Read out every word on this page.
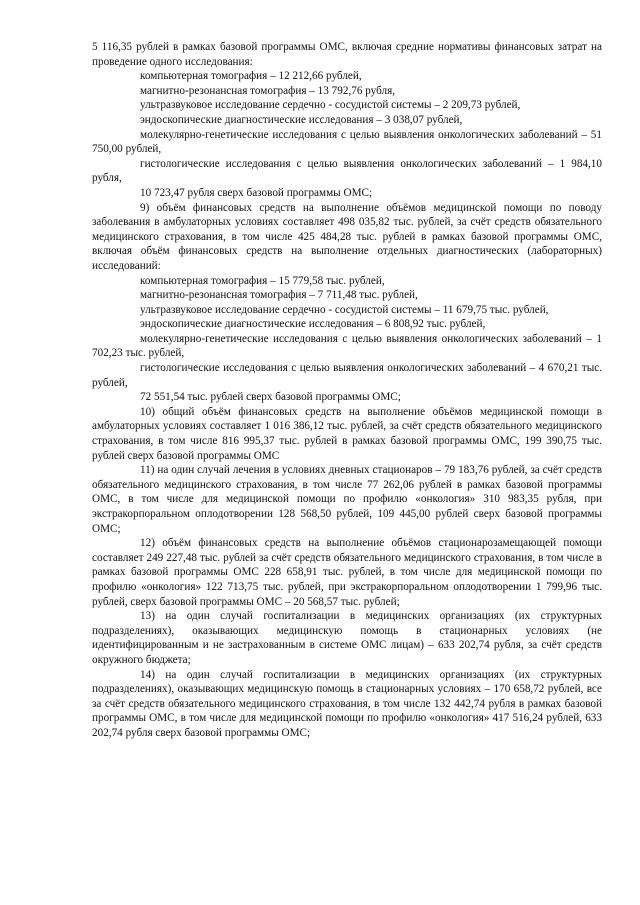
5 116,35 рублей в рамках базовой программы ОМС, включая средние нормативы финансовых затрат на проведение одного исследования:

компьютерная томография – 12 212,66 рублей,

магнитно-резонансная томография – 13 792,76 рубля,

ультразвуковое исследование сердечно - сосудистой системы – 2 209,73 рублей,

эндоскопические диагностические исследования – 3 038,07 рублей,

молекулярно-генетические исследования с целью выявления онкологических заболеваний – 51 750,00 рублей,

гистологические исследования с целью выявления онкологических заболеваний – 1 984,10 рубля,

10 723,47 рубля сверх базовой программы ОМС;

9) объём финансовых средств на выполнение объёмов медицинской помощи по поводу заболевания в амбулаторных условиях составляет 498 035,82 тыс. рублей, за счёт средств обязательного медицинского страхования, в том числе 425 484,28 тыс. рублей в рамках базовой программы ОМС, включая объём финансовых средств на выполнение отдельных диагностических (лабораторных) исследований:

компьютерная томография – 15 779,58 тыс. рублей,

магнитно-резонансная томография – 7 711,48 тыс. рублей,

ультразвуковое исследование сердечно - сосудистой системы – 11 679,75 тыс. рублей,

эндоскопические диагностические исследования – 6 808,92 тыс. рублей,

молекулярно-генетические исследования с целью выявления онкологических заболеваний – 1 702,23 тыс. рублей,

гистологические исследования с целью выявления онкологических заболеваний – 4 670,21 тыс. рублей,

72 551,54 тыс. рублей сверх базовой программы ОМС;

10) общий объём финансовых средств на выполнение объёмов медицинской помощи в амбулаторных условиях составляет 1 016 386,12 тыс. рублей, за счёт средств обязательного медицинского страхования, в том числе 816 995,37 тыс. рублей в рамках базовой программы ОМС, 199 390,75 тыс. рублей сверх базовой программы ОМС

11) на один случай лечения в условиях дневных стационаров – 79 183,76 рублей, за счёт средств обязательного медицинского страхования, в том числе 77 262,06 рублей в рамках базовой программы ОМС, в том числе для медицинской помощи по профилю «онкология» 310 983,35 рубля, при экстракорпоральном оплодотворении 128 568,50 рублей, 109 445,00 рублей сверх базовой программы ОМС;

12) объём финансовых средств на выполнение объёмов стационарозамещающей помощи составляет 249 227,48 тыс. рублей за счёт средств обязательного медицинского страхования, в том числе в рамках базовой программы ОМС 228 658,91 тыс. рублей, в том числе для медицинской помощи по профилю «онкология» 122 713,75 тыс. рублей, при экстракорпоральном оплодотворении 1 799,96 тыс. рублей, сверх базовой программы ОМС – 20 568,57 тыс. рублей;

13) на один случай госпитализации в медицинских организациях (их структурных подразделениях), оказывающих медицинскую помощь в стационарных условиях (не идентифицированным и не застрахованным в системе ОМС лицам) – 633 202,74 рубля, за счёт средств окружного бюджета;

14) на один случай госпитализации в медицинских организациях (их структурных подразделениях), оказывающих медицинскую помощь в стационарных условиях – 170 658,72 рублей, все за счёт средств обязательного медицинского страхования, в том числе 132 442,74 рубля в рамках базовой программы ОМС, в том числе для медицинской помощи по профилю «онкология» 417 516,24 рублей, 633 202,74 рубля сверх базовой программы ОМС;
